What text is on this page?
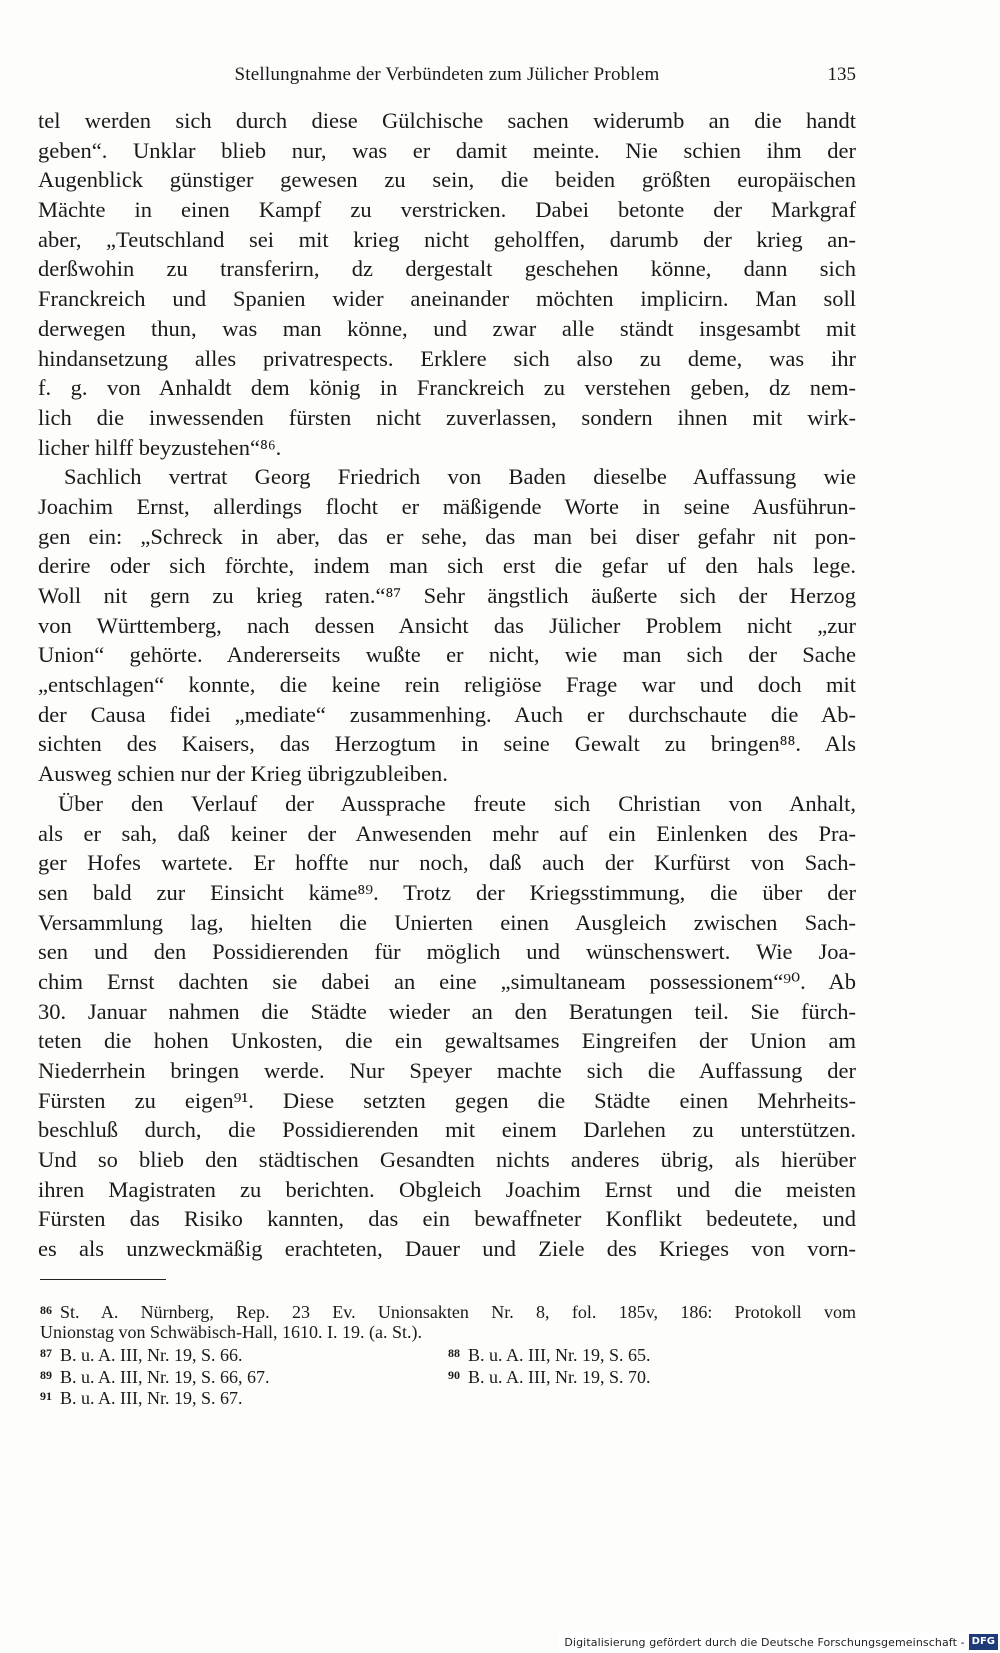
Stellungnahme der Verbündeten zum Jülicher Problem	135
tel werden sich durch diese Gülchische sachen widerumb an die handt
geben“. Unklar blieb nur, was er damit meinte. Nie schien ihm der
Augenblick günstiger gewesen zu sein, die beiden größten europäischen
Mächte in einen Kampf zu verstricken. Dabei betonte der Markgraf
aber, „Teutschland sei mit krieg nicht geholffen, darumb der krieg an-
derßwohin zu transferirn, dz dergestalt geschehen könne, dann sich
Franckreich und Spanien wider aneinander möchten implicirn. Man soll
derwegen thun, was man könne, und zwar alle ständt insgesambt mit
hindansetzung alles privatrespects. Erklere sich also zu deme, was ihr
f. g. von Anhaldt dem könig in Franckreich zu verstehen geben, dz nem-
lich die inwessenden fürsten nicht zuverlassen, sondern ihnen mit wirk-
licher hilff beyzustehen“⁸⁶.
Sachlich vertrat Georg Friedrich von Baden dieselbe Auffassung wie
Joachim Ernst, allerdings flocht er mäßigende Worte in seine Ausführun-
gen ein: „Schreck in aber, das er sehe, das man bei diser gefahr nit pon-
derire oder sich förchte, indem man sich erst die gefar uf den hals lege.
Woll nit gern zu krieg raten.“⁸⁷ Sehr ängstlich äußerte sich der Herzog
von Württemberg, nach dessen Ansicht das Jülicher Problem nicht „zur
Union“ gehörte. Andererseits wußte er nicht, wie man sich der Sache
„entschlagen“ konnte, die keine rein religiöse Frage war und doch mit
der Causa fidei „mediate“ zusammenhing. Auch er durchschaute die Ab-
sichten des Kaisers, das Herzogtum in seine Gewalt zu bringen⁸⁸. Als
Ausweg schien nur der Krieg übrigzubleiben.
Über den Verlauf der Aussprache freute sich Christian von Anhalt,
als er sah, daß keiner der Anwesenden mehr auf ein Einlenken des Pra-
ger Hofes wartete. Er hoffte nur noch, daß auch der Kurfürst von Sach-
sen bald zur Einsicht käme⁸⁹. Trotz der Kriegsstimmung, die über der
Versammlung lag, hielten die Unierten einen Ausgleich zwischen Sach-
sen und den Possidierenden für möglich und wünschenswert. Wie Joa-
chim Ernst dachten sie dabei an eine „simultaneam possessionem“⁹⁰. Ab
30. Januar nahmen die Städte wieder an den Beratungen teil. Sie fürch-
teten die hohen Unkosten, die ein gewaltsames Eingreifen der Union am
Niederrhein bringen werde. Nur Speyer machte sich die Auffassung der
Fürsten zu eigen⁹¹. Diese setzten gegen die Städte einen Mehrheits-
beschluß durch, die Possidierenden mit einem Darlehen zu unterstützen.
Und so blieb den städtischen Gesandten nichts anderes übrig, als hierüber
ihren Magistraten zu berichten. Obgleich Joachim Ernst und die meisten
Fürsten das Risiko kannten, das ein bewaffneter Konflikt bedeutete, und
es als unzweckmäßig erachteten, Dauer und Ziele des Krieges von vorn-
$^{86}$ St. A. Nürnberg, Rep. 23 Ev. Unionsakten Nr. 8, fol. 185v, 186: Protokoll vom
Unionstag von Schwäbisch-Hall, 1610. I. 19. (a. St.).
$^{87}$ B. u. A. III, Nr. 19, S. 66.	$^{88}$ B. u. A. III, Nr. 19, S. 65.
$^{89}$ B. u. A. III, Nr. 19, S. 66, 67.	$^{90}$ B. u. A. III, Nr. 19, S. 70.
$^{91}$ B. u. A. III, Nr. 19, S. 67.
Digitalisierung gefördert durch die Deutsche Forschungsgemeinschaft - DFG
